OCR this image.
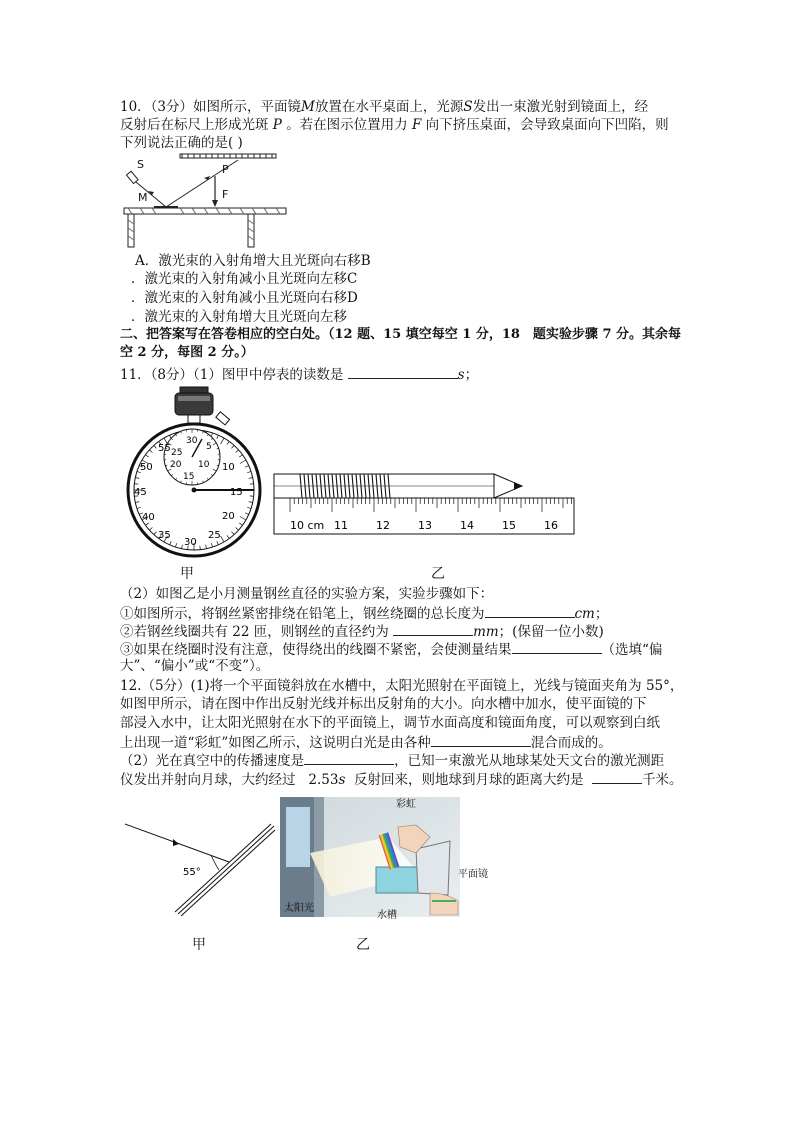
10．（3分）如图所示，平面镜M放置在水平桌面上，光源S发出一束激光射到镜面上，经
反射后在标尺上形成光斑 P 。若在图示位置用力 F 向下挤压桌面，会导致桌面向下凹陷，则
下列说法正确的是( )
S
M
P
F
A．激光束的入射角增大且光斑向右移B
．激光束的入射角减小且光斑向左移C
．激光束的入射角减小且光斑向右移D
．激光束的入射角增大且光斑向左移
二、把答案写在答卷相应的空白处。（12 题、15 填空每空 1 分，18　题实验步骤 7 分。其余每
空 2 分，每图 2 分。）
11．（8分）（1）图甲中停表的读数是	s；
55
50
45
40
35
30
25
20
15
10
30
25
5
20 10
15
10 cm 11	12	13	14	15	16
甲	乙
（2）如图乙是小月测量钢丝直径的实验方案，实验步骤如下：
①如图所示，将钢丝紧密排绕在铅笔上，钢丝绕圈的总长度为	cm；
②若钢丝线圈共有 22 匝，则钢丝的直径约为	mm；(保留一位小数)
③如果在绕圈时没有注意，使得绕出的线圈不紧密，会使测量结果	（选填“偏
大”、“偏小”或“不变”）。
12.（5分）(1)将一个平面镜斜放在水槽中，太阳光照射在平面镜上，光线与镜面夹角为 55°，
如图甲所示，请在图中作出反射光线并标出反射角的大小。向水槽中加水，使平面镜的下
部浸入水中，让太阳光照射在水下的平面镜上，调节水面高度和镜面角度，可以观察到白纸
上出现一道“彩虹”如图乙所示，这说明白光是由各种	混合而成的。
（2）光在真空中的传播速度是	，已知一束激光从地球某处天文台的激光测距
仪发出并射向月球，大约经过 2.53s 反射回来，则地球到月球的距离大约是	千米。
55°
彩虹
平面镜
太阳光
水槽
甲	乙
